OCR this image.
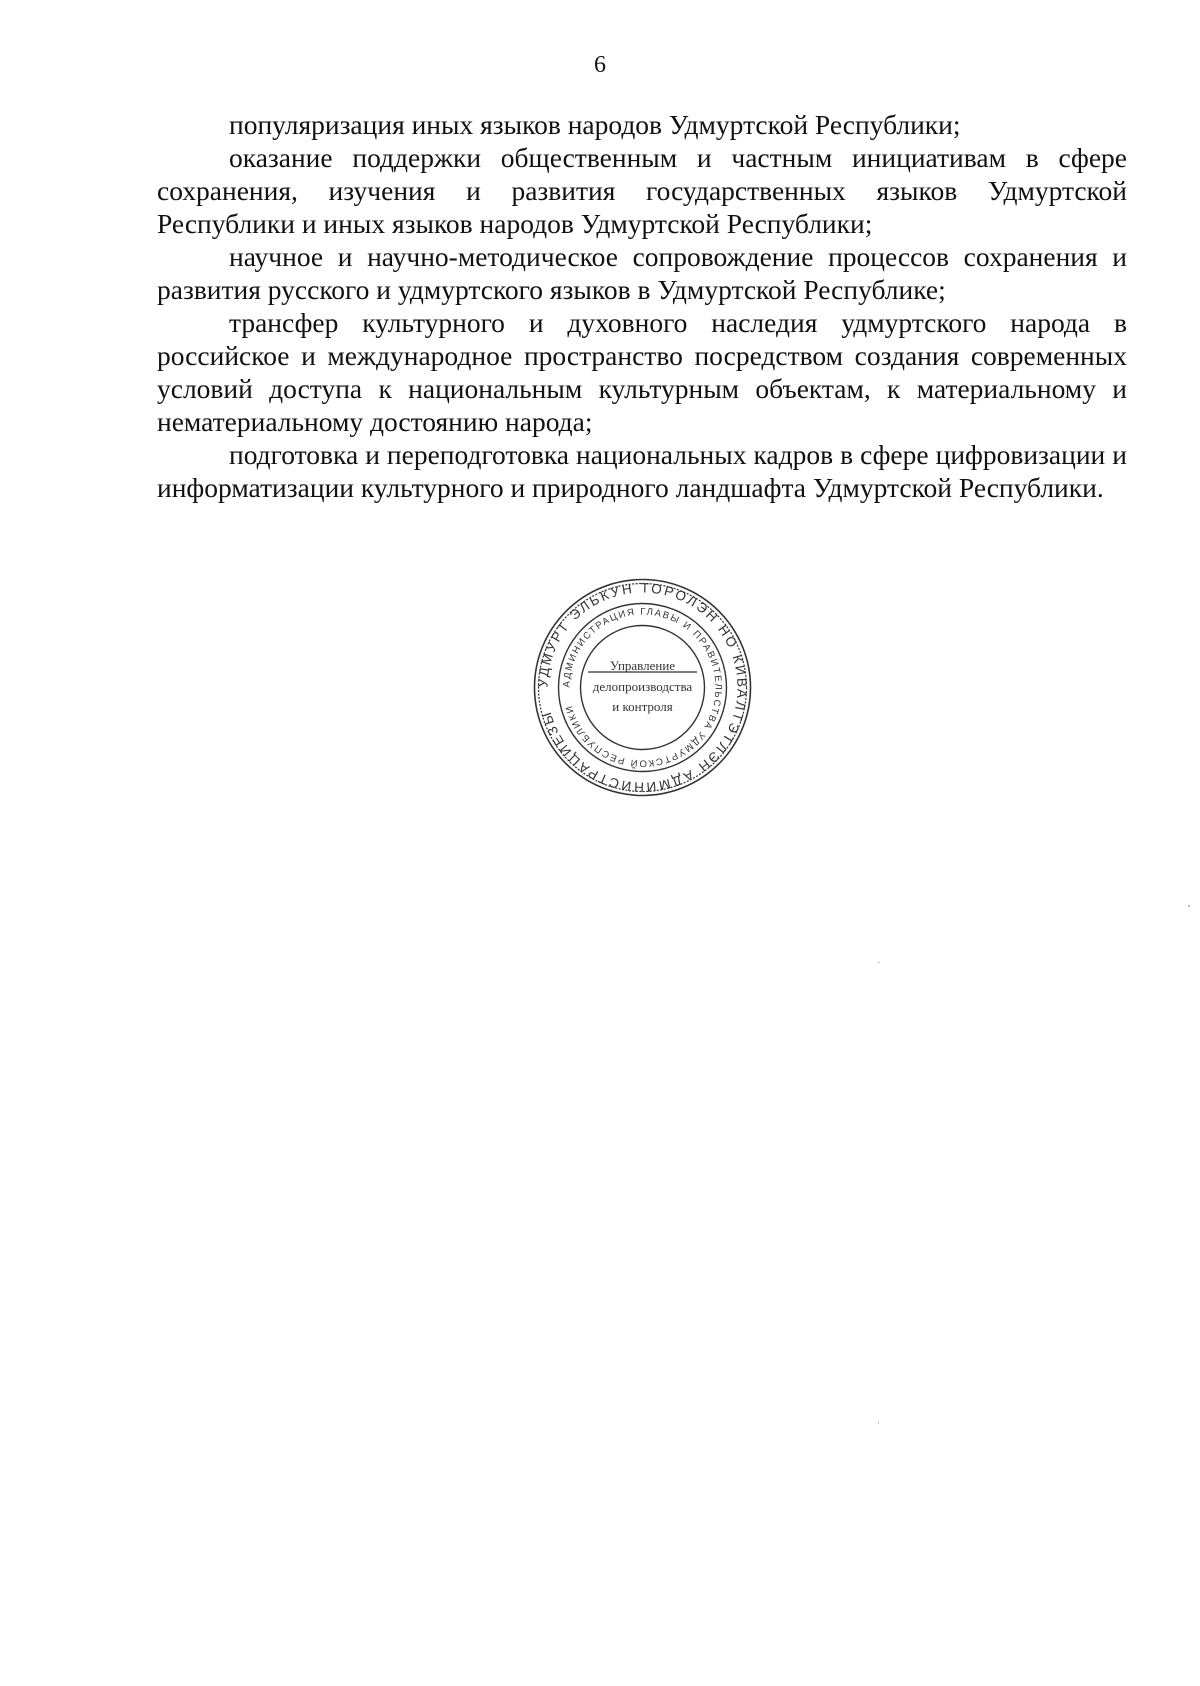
6

популяризация иных языков народов Удмуртской Республики;

оказание поддержки общественным и частным инициативам в сфере сохранения, изучения и развития государственных языков Удмуртской Республики и иных языков народов Удмуртской Республики;

научное и научно-методическое сопровождение процессов сохранения и развития русского и удмуртского языков в Удмуртской Республике;

трансфер культурного и духовного наследия удмуртского народа в российское и международное пространство посредством создания современных условий доступа к национальным культурным объектам, к материальному и нематериальному достоянию народа;

подготовка и переподготовка национальных кадров в сфере цифровизации и информатизации культурного и природного ландшафта Удмуртской Республики.

УДМУРТ ЭЛЬКУН ТОРОЛЭН НО КИВАЛТЭТЛЭН АДМИНИСТРАЦИЕЗЫ
АДМИНИСТРАЦИЯ ГЛАВЫ И ПРАВИТЕЛЬСТВА УДМУРТСКОЙ РЕСПУБЛИКИ
Управление
делопроизводства
и контроля
